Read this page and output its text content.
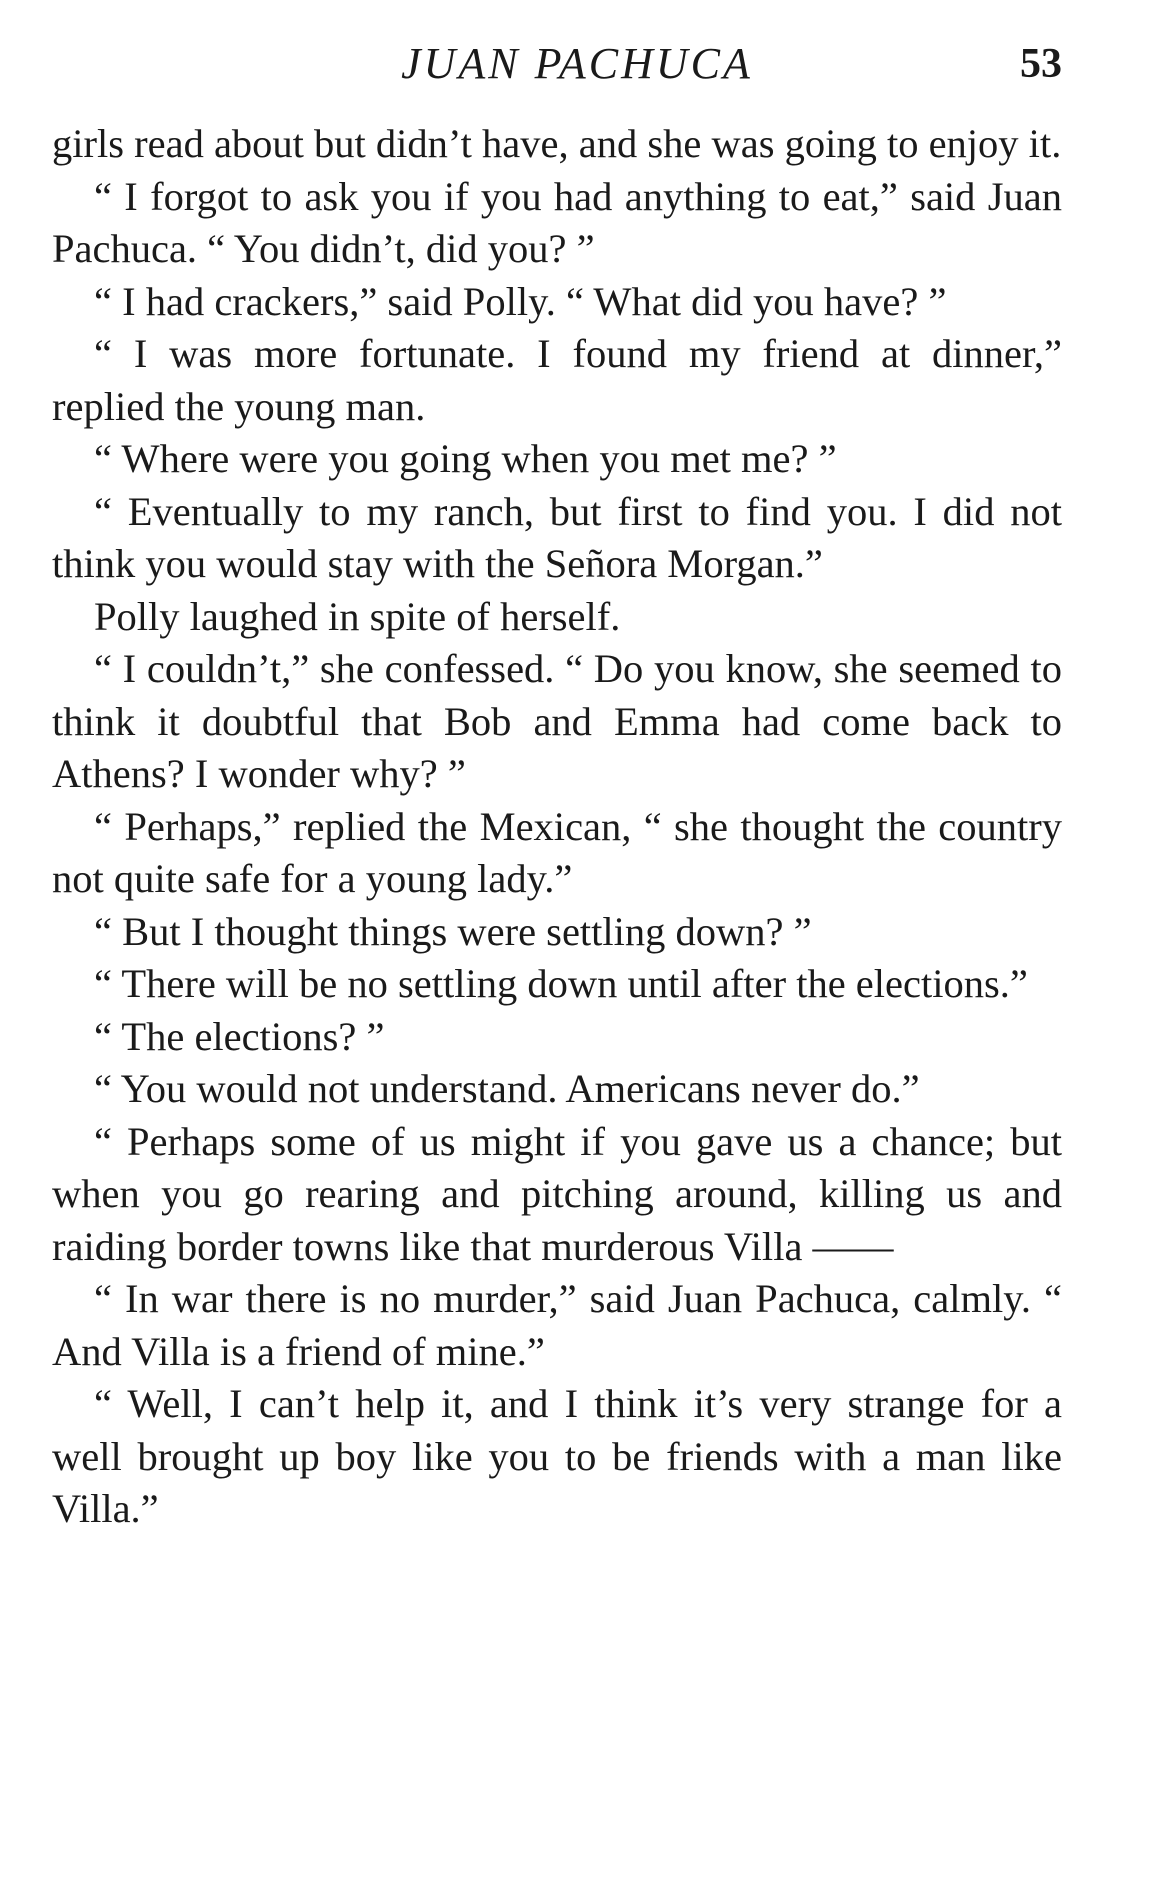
JUAN PACHUCA	53

girls read about but didn’t have, and she was going to enjoy it.

“ I forgot to ask you if you had anything to eat,” said Juan Pachuca. “ You didn’t, did you? ”

“ I had crackers,” said Polly. “ What did you have? ”

“ I was more fortunate. I found my friend at dinner,” replied the young man.

“ Where were you going when you met me? ”

“ Eventually to my ranch, but first to find you. I did not think you would stay with the Señora Morgan.”

Polly laughed in spite of herself.

“ I couldn’t,” she confessed. “ Do you know, she seemed to think it doubtful that Bob and Emma had come back to Athens? I wonder why? ”

“ Perhaps,” replied the Mexican, “ she thought the country not quite safe for a young lady.”

“ But I thought things were settling down? ”

“ There will be no settling down until after the elections.”

“ The elections? ”

“ You would not understand. Americans never do.”

“ Perhaps some of us might if you gave us a chance; but when you go rearing and pitching around, killing us and raiding border towns like that murderous Villa ——

“ In war there is no murder,” said Juan Pachuca, calmly. “ And Villa is a friend of mine.”

“ Well, I can’t help it, and I think it’s very strange for a well brought up boy like you to be friends with a man like Villa.”
